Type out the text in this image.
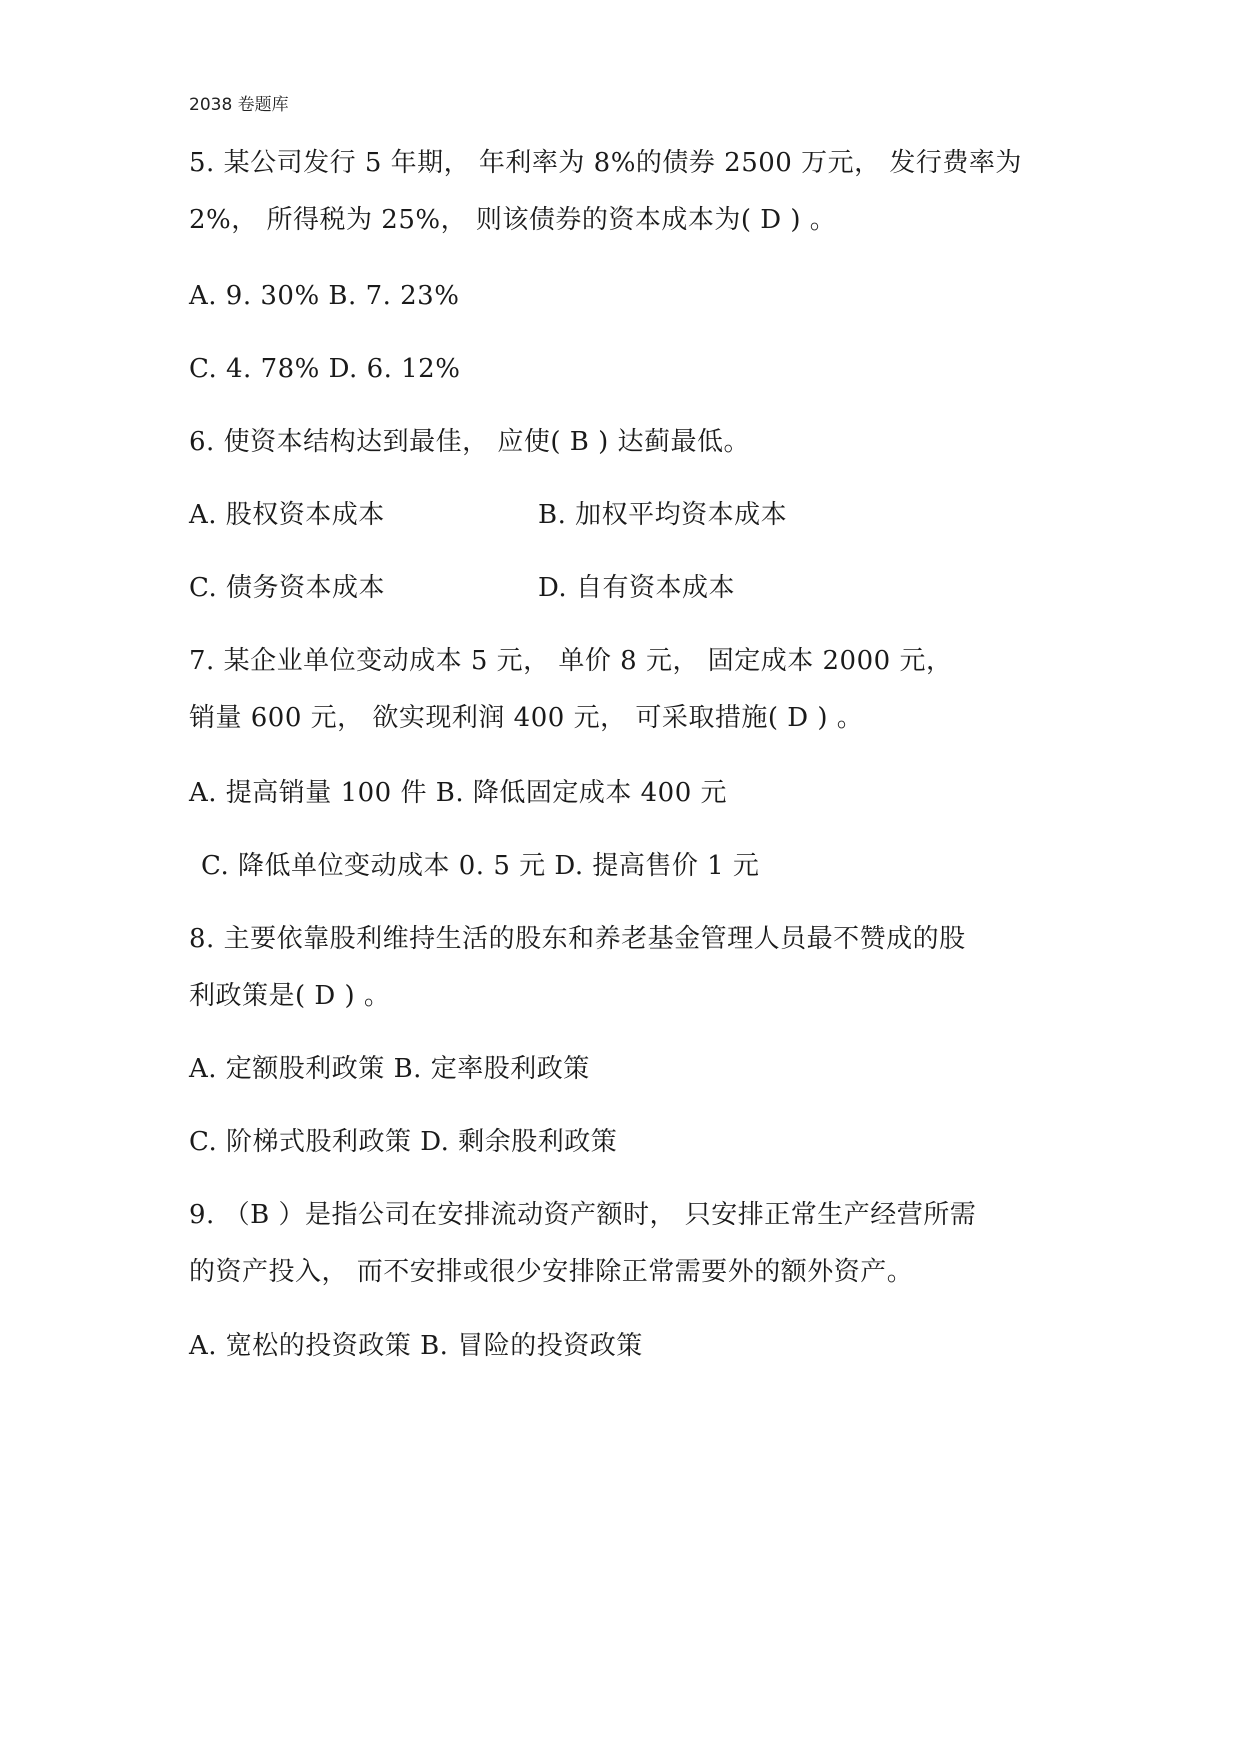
2038 卷题库
5. 某公司发行 5 年期， 年利率为 8%的债券 2500 万元， 发行费率为
2%， 所得税为 25%， 则该债券的资本成本为( D ) 。
A. 9. 30% B. 7. 23%
C. 4. 78% D. 6. 12%
6. 使资本结构达到最佳， 应使( B ) 达蓟最低。
A. 股权资本成本	B. 加权平均资本成本
C. 债务资本成本	D. 自有资本成本
7. 某企业单位变动成本 5 元， 单价 8 元， 固定成本 2000 元，
销量 600 元， 欲实现利润 400 元， 可采取措施( D ) 。
A. 提高销量 100 件 B. 降低固定成本 400 元
C. 降低单位变动成本 0. 5 元 D. 提高售价 1 元
8. 主要依靠股利维持生活的股东和养老基金管理人员最不赞成的股
利政策是( D ) 。
A. 定额股利政策 B. 定率股利政策
C. 阶梯式股利政策 D. 剩余股利政策
9. （B ）是指公司在安排流动资产额时， 只安排正常生产经营所需
的资产投入， 而不安排或很少安排除正常需要外的额外资产。
A. 宽松的投资政策 B. 冒险的投资政策
